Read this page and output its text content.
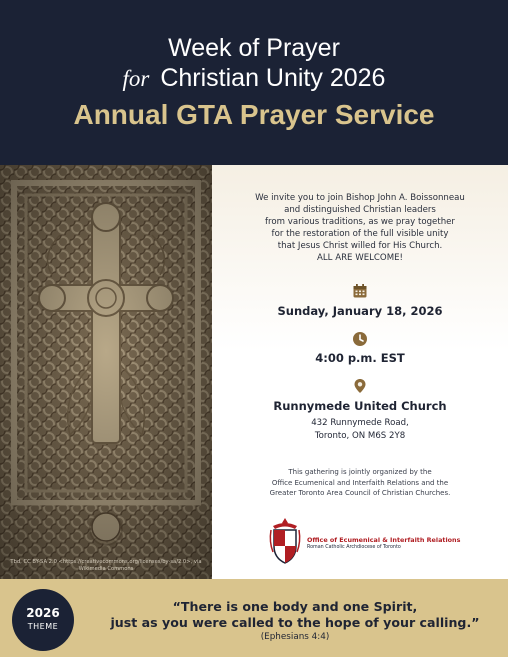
Week of Prayer
for Christian Unity 2026
Annual GTA Prayer Service
Tbd, CC BY-SA 2.0 <https://creativecommons.org/licenses/by-sa/2.0>, via Wikimedia Commons
We invite you to join Bishop John A. Boissonneau
and distinguished Christian leaders
from various traditions, as we pray together
for the restoration of the full visible unity
that Jesus Christ willed for His Church.
ALL ARE WELCOME!
Sunday, January 18, 2026
4:00 p.m. EST
Runnymede United Church
432 Runnymede Road,
Toronto, ON M6S 2Y8
This gathering is jointly organized by the
Office Ecumenical and Interfaith Relations and the
Greater Toronto Area Council of Christian Churches.
Office of Ecumenical & Interfaith Relations
Roman Catholic Archdiocese of Toronto
2026
THEME
“There is one body and one Spirit,
just as you were called to the hope of your calling.”
(Ephesians 4:4)
